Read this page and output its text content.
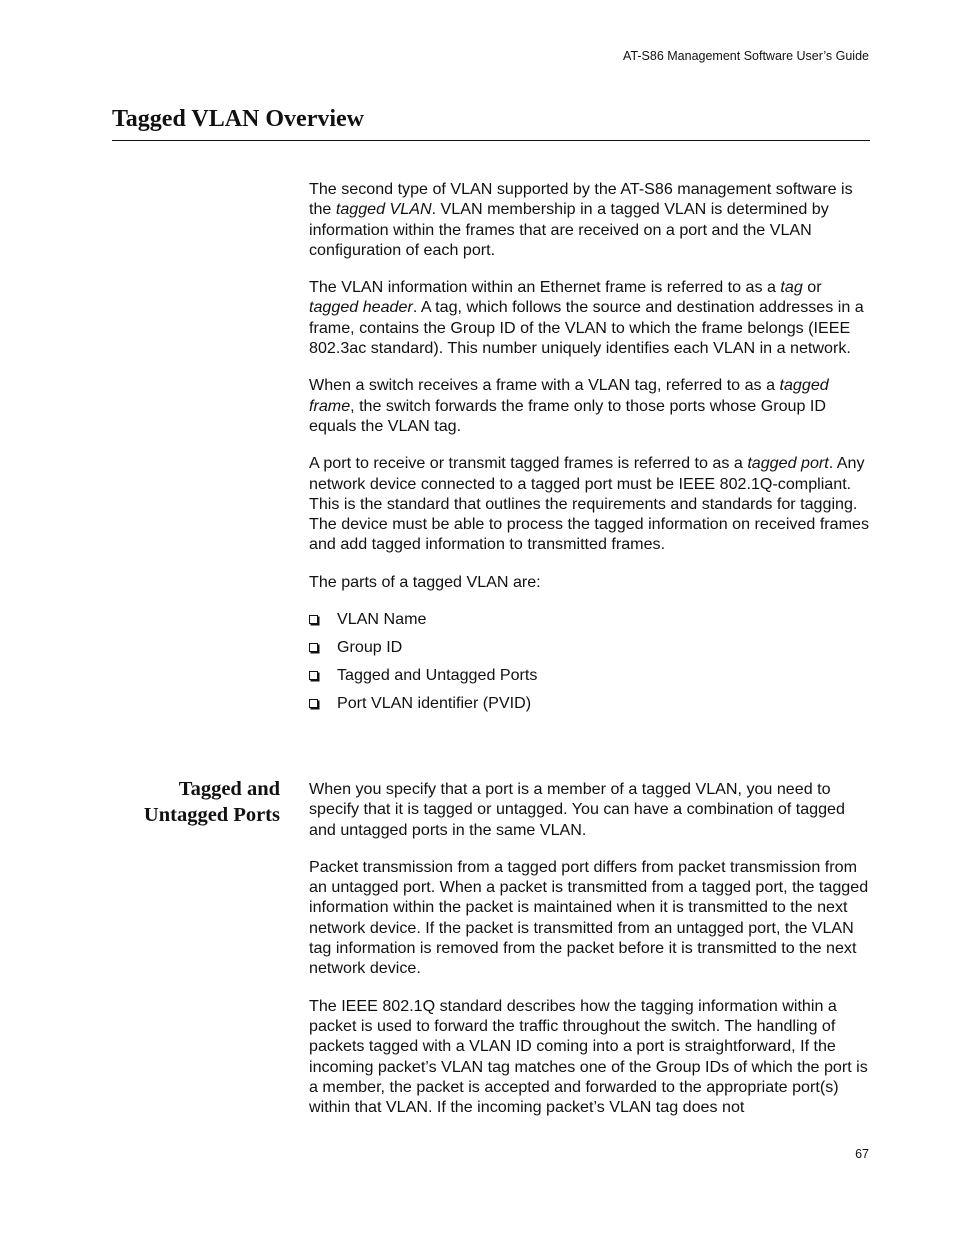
AT-S86 Management Software User’s Guide
Tagged VLAN Overview

The second type of VLAN supported by the AT-S86 management software is the tagged VLAN. VLAN membership in a tagged VLAN is determined by information within the frames that are received on a port and the VLAN configuration of each port.

The VLAN information within an Ethernet frame is referred to as a tag or tagged header. A tag, which follows the source and destination addresses in a frame, contains the Group ID of the VLAN to which the frame belongs (IEEE 802.3ac standard). This number uniquely identifies each VLAN in a network.

When a switch receives a frame with a VLAN tag, referred to as a tagged frame, the switch forwards the frame only to those ports whose Group ID equals the VLAN tag.

A port to receive or transmit tagged frames is referred to as a tagged port. Any network device connected to a tagged port must be IEEE 802.1Q-compliant. This is the standard that outlines the requirements and standards for tagging. The device must be able to process the tagged information on received frames and add tagged information to transmitted frames.

The parts of a tagged VLAN are:

VLAN Name
Group ID
Tagged and Untagged Ports
Port VLAN identifier (PVID)
Tagged and
Untagged Ports

When you specify that a port is a member of a tagged VLAN, you need to specify that it is tagged or untagged. You can have a combination of tagged and untagged ports in the same VLAN.

Packet transmission from a tagged port differs from packet transmission from an untagged port. When a packet is transmitted from a tagged port, the tagged information within the packet is maintained when it is transmitted to the next network device. If the packet is transmitted from an untagged port, the VLAN tag information is removed from the packet before it is transmitted to the next network device.

The IEEE 802.1Q standard describes how the tagging information within a packet is used to forward the traffic throughout the switch. The handling of packets tagged with a VLAN ID coming into a port is straightforward, If the incoming packet’s VLAN tag matches one of the Group IDs of which the port is a member, the packet is accepted and forwarded to the appropriate port(s) within that VLAN. If the incoming packet’s VLAN tag does not

67
